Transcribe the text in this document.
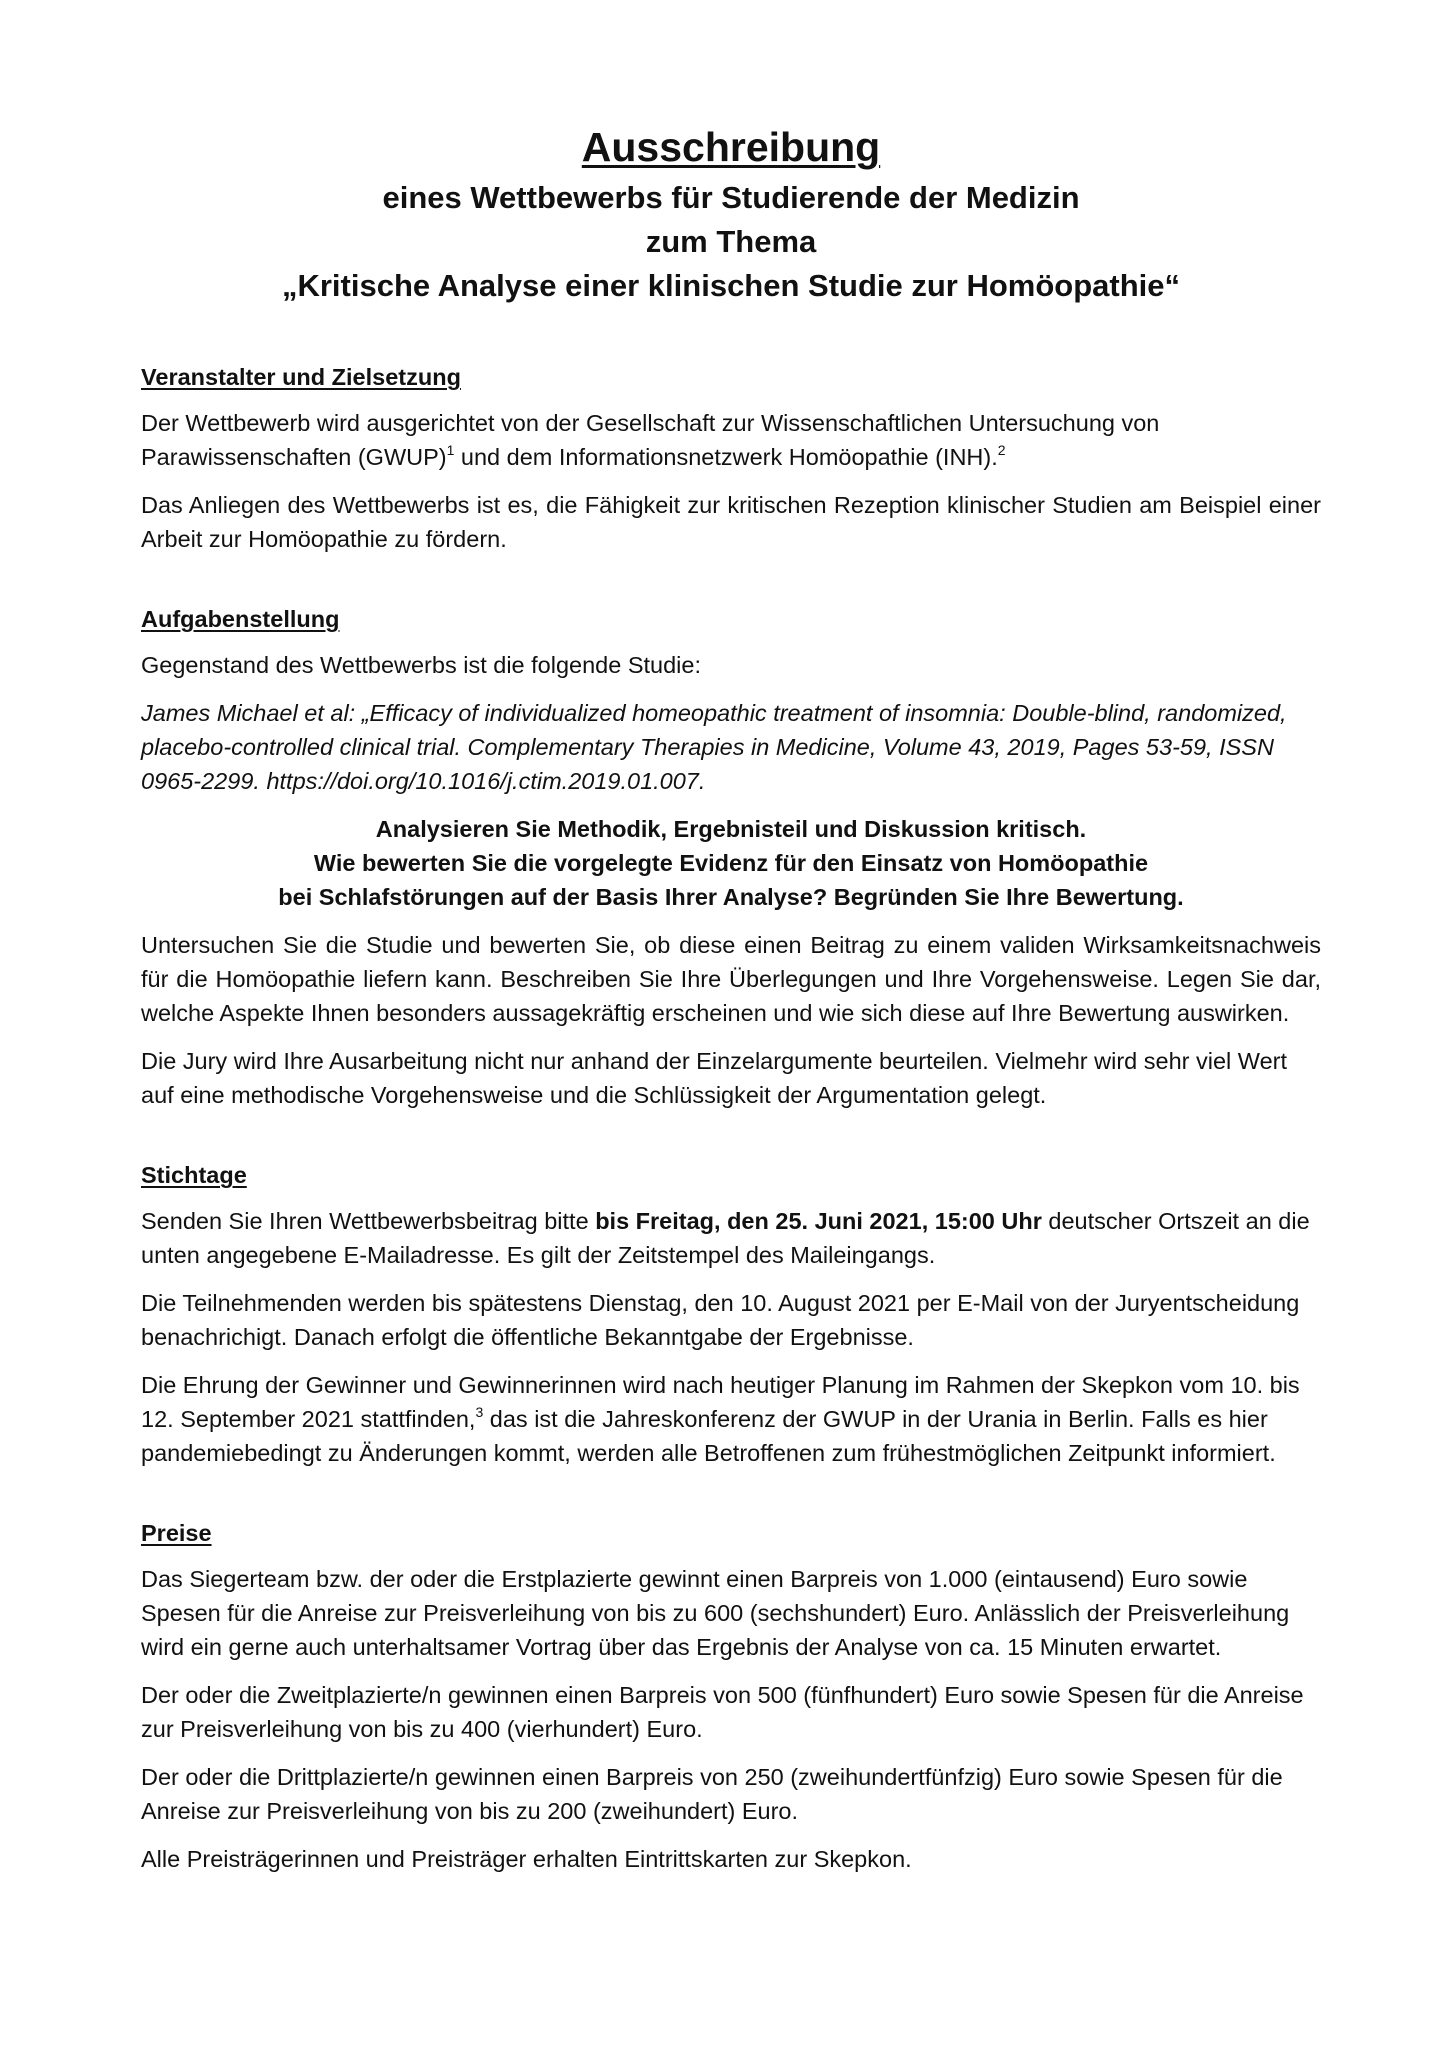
Ausschreibung
eines Wettbewerbs für Studierende der Medizin
zum Thema
„Kritische Analyse einer klinischen Studie zur Homöopathie“
Veranstalter und Zielsetzung

Der Wettbewerb wird ausgerichtet von der Gesellschaft zur Wissenschaftlichen Untersuchung von Parawissenschaften (GWUP)$^1$ und dem Informationsnetzwerk Homöopathie (INH).$^2$

Das Anliegen des Wettbewerbs ist es, die Fähigkeit zur kritischen Rezeption klinischer Studien am Beispiel einer Arbeit zur Homöopathie zu fördern.

Aufgabenstellung

Gegenstand des Wettbewerbs ist die folgende Studie:

James Michael et al: „Efficacy of individualized homeopathic treatment of insomnia: Double-blind, randomized, placebo-controlled clinical trial. Complementary Therapies in Medicine, Volume 43, 2019, Pages 53-59, ISSN 0965-2299. https://doi.org/10.1016/j.ctim.2019.01.007.

Analysieren Sie Methodik, Ergebnisteil und Diskussion kritisch.
Wie bewerten Sie die vorgelegte Evidenz für den Einsatz von Homöopathie
bei Schlafstörungen auf der Basis Ihrer Analyse? Begründen Sie Ihre Bewertung.

Untersuchen Sie die Studie und bewerten Sie, ob diese einen Beitrag zu einem validen Wirksamkeitsnachweis für die Homöopathie liefern kann. Beschreiben Sie Ihre Überlegungen und Ihre Vorgehensweise. Legen Sie dar, welche Aspekte Ihnen besonders aussagekräftig erscheinen und wie sich diese auf Ihre Bewertung auswirken.

Die Jury wird Ihre Ausarbeitung nicht nur anhand der Einzelargumente beurteilen. Vielmehr wird sehr viel Wert auf eine methodische Vorgehensweise und die Schlüssigkeit der Argumentation gelegt.

Stichtage

Senden Sie Ihren Wettbewerbsbeitrag bitte bis Freitag, den 25. Juni 2021, 15:00 Uhr deutscher Ortszeit an die unten angegebene E-Mailadresse. Es gilt der Zeitstempel des Maileingangs.

Die Teilnehmenden werden bis spätestens Dienstag, den 10. August 2021 per E-Mail von der Juryentscheidung benachrichigt. Danach erfolgt die öffentliche Bekanntgabe der Ergebnisse.

Die Ehrung der Gewinner und Gewinnerinnen wird nach heutiger Planung im Rahmen der Skepkon vom 10. bis 12. September 2021 stattfinden,$^3$ das ist die Jahreskonferenz der GWUP in der Urania in Berlin. Falls es hier pandemiebedingt zu Änderungen kommt, werden alle Betroffenen zum frühestmöglichen Zeitpunkt informiert.

Preise

Das Siegerteam bzw. der oder die Erstplazierte gewinnt einen Barpreis von 1.000 (eintausend) Euro sowie Spesen für die Anreise zur Preisverleihung von bis zu 600 (sechshundert) Euro. Anlässlich der Preisverleihung wird ein gerne auch unterhaltsamer Vortrag über das Ergebnis der Analyse von ca. 15 Minuten erwartet.

Der oder die Zweitplazierte/n gewinnen einen Barpreis von 500 (fünfhundert) Euro sowie Spesen für die Anreise zur Preisverleihung von bis zu 400 (vierhundert) Euro.

Der oder die Drittplazierte/n gewinnen einen Barpreis von 250 (zweihundertfünfzig) Euro sowie Spesen für die Anreise zur Preisverleihung von bis zu 200 (zweihundert) Euro.

Alle Preisträgerinnen und Preisträger erhalten Eintrittskarten zur Skepkon.
